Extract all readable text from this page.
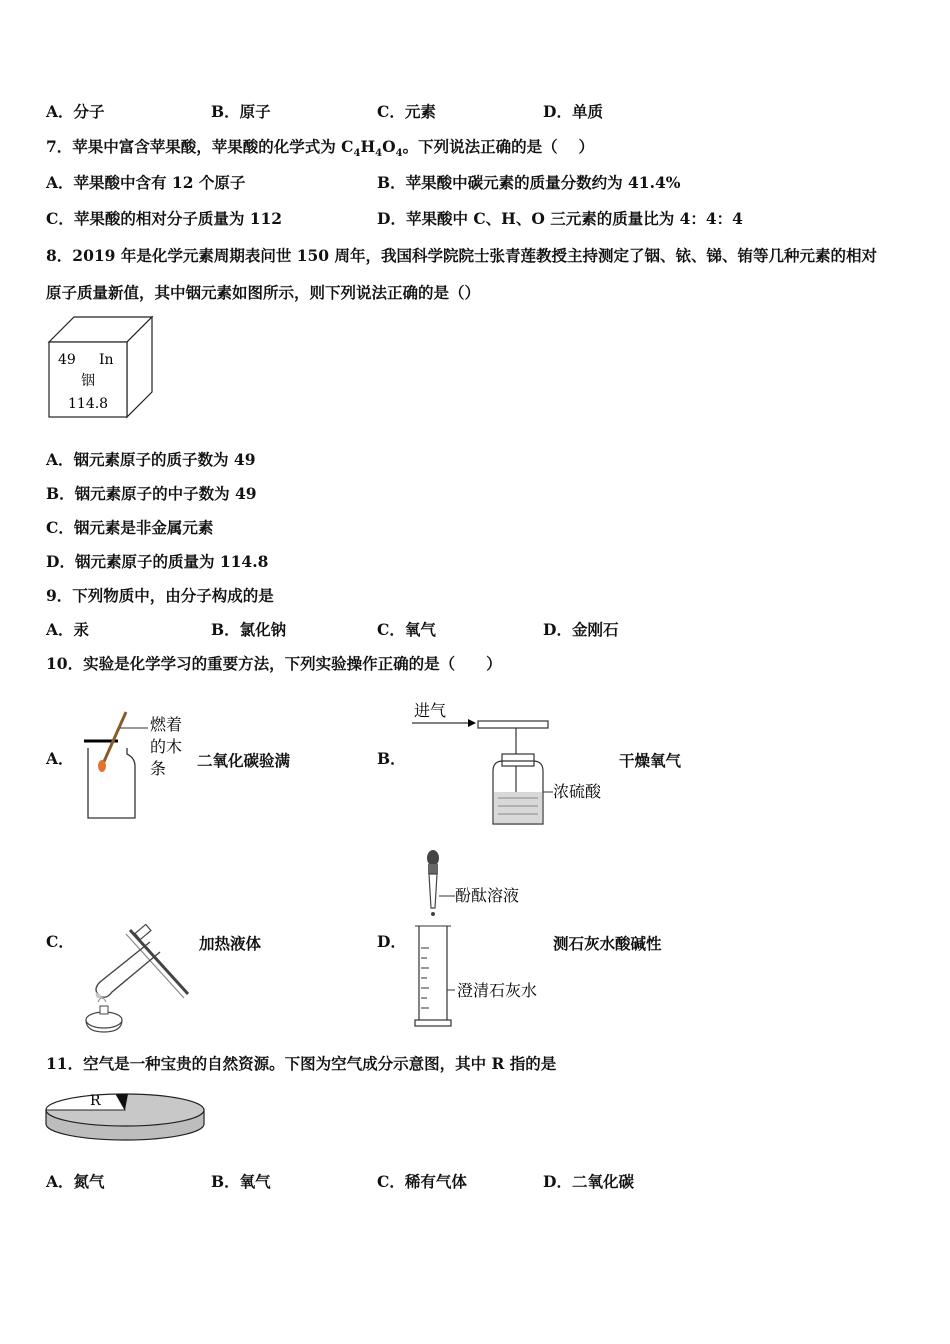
A．分子	B．原子	C．元素	D．单质
7．苹果中富含苹果酸，苹果酸的化学式为 $C_4H_4O_4$。下列说法正确的是（　 ）
A．苹果酸中含有 12 个原子	B．苹果酸中碳元素的质量分数约为 41.4%
C．苹果酸的相对分子质量为 112	D．苹果酸中 C、H、O 三元素的质量比为 4：4：4
8．2019 年是化学元素周期表问世 150 周年，我国科学院院士张青莲教授主持测定了铟、铱、锑、铕等几种元素的相对
原子质量新值，其中铟元素如图所示，则下列说法正确的是（）
49 In
铟
114.8
A．铟元素原子的质子数为 49
B．铟元素原子的中子数为 49
C．铟元素是非金属元素
D．铟元素原子的质量为 114.8
9．下列物质中，由分子构成的是
A．汞	B．氯化钠	C．氧气	D．金刚石
10．实验是化学学习的重要方法，下列实验操作正确的是（　　）
A．
燃着
的木
条 二氧化碳验满	B．
进气
浓硫酸
干燥氧气
C．	加热液体	D．
酚酞溶液
澄清石灰水
测石灰水酸碱性
11．空气是一种宝贵的自然资源。下图为空气成分示意图，其中 R 指的是
R
A．氮气	B．氧气	C．稀有气体	D．二氧化碳
